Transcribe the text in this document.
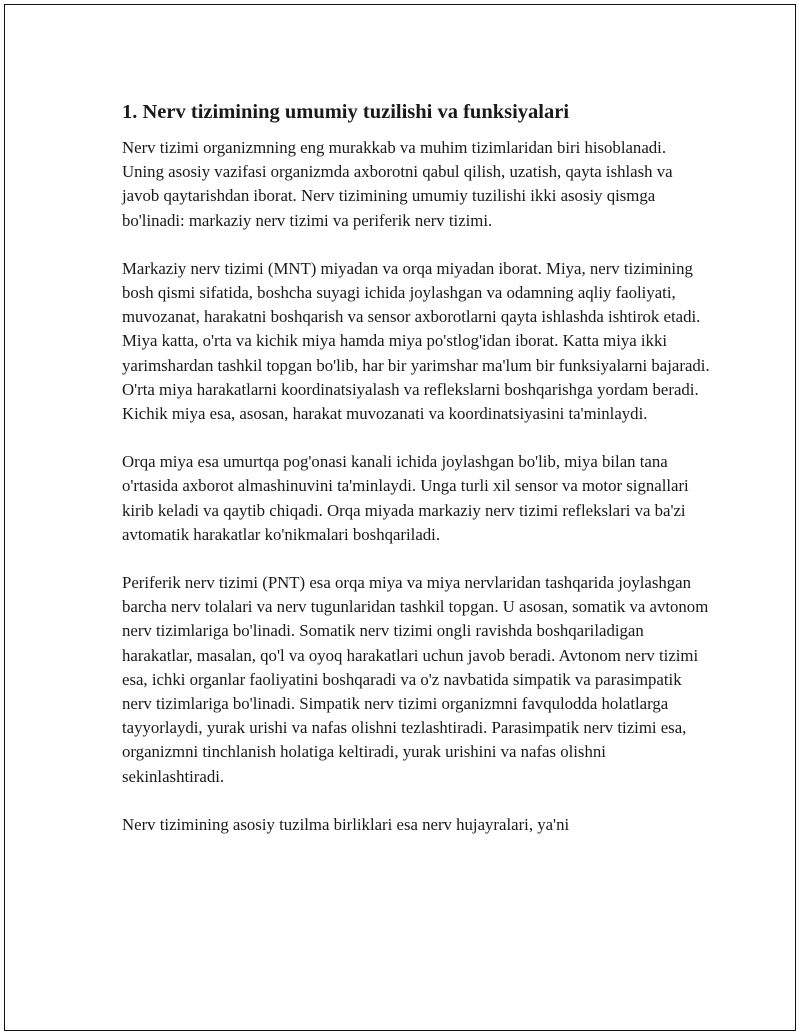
1. Nerv tizimining umumiy tuzilishi va funksiyalari

Nerv tizimi organizmning eng murakkab va muhim tizimlaridan biri hisoblanadi. Uning asosiy vazifasi organizmda axborotni qabul qilish, uzatish, qayta ishlash va javob qaytarishdan iborat. Nerv tizimining umumiy tuzilishi ikki asosiy qismga bo'linadi: markaziy nerv tizimi va periferik nerv tizimi.

Markaziy nerv tizimi (MNT) miyadan va orqa miyadan iborat. Miya, nerv tizimining bosh qismi sifatida, boshcha suyagi ichida joylashgan va odamning aqliy faoliyati, muvozanat, harakatni boshqarish va sensor axborotlarni qayta ishlashda ishtirok etadi. Miya katta, o'rta va kichik miya hamda miya po'stlog'idan iborat. Katta miya ikki yarimshardan tashkil topgan bo'lib, har bir yarimshar ma'lum bir funksiyalarni bajaradi. O'rta miya harakatlarni koordinatsiyalash va reflekslarni boshqarishga yordam beradi. Kichik miya esa, asosan, harakat muvozanati va koordinatsiyasini ta'minlaydi.

Orqa miya esa umurtqa pog'onasi kanali ichida joylashgan bo'lib, miya bilan tana o'rtasida axborot almashinuvini ta'minlaydi. Unga turli xil sensor va motor signallari kirib keladi va qaytib chiqadi. Orqa miyada markaziy nerv tizimi reflekslari va ba'zi avtomatik harakatlar ko'nikmalari boshqariladi.

Periferik nerv tizimi (PNT) esa orqa miya va miya nervlaridan tashqarida joylashgan barcha nerv tolalari va nerv tugunlaridan tashkil topgan. U asosan, somatik va avtonom nerv tizimlariga bo'linadi. Somatik nerv tizimi ongli ravishda boshqariladigan harakatlar, masalan, qo'l va oyoq harakatlari uchun javob beradi. Avtonom nerv tizimi esa, ichki organlar faoliyatini boshqaradi va o'z navbatida simpatik va parasimpatik nerv tizimlariga bo'linadi. Simpatik nerv tizimi organizmni favqulodda holatlarga tayyorlaydi, yurak urishi va nafas olishni tezlashtiradi. Parasimpatik nerv tizimi esa, organizmni tinchlanish holatiga keltiradi, yurak urishini va nafas olishni sekinlashtiradi.

Nerv tizimining asosiy tuzilma birliklari esa nerv hujayralari, ya'ni
